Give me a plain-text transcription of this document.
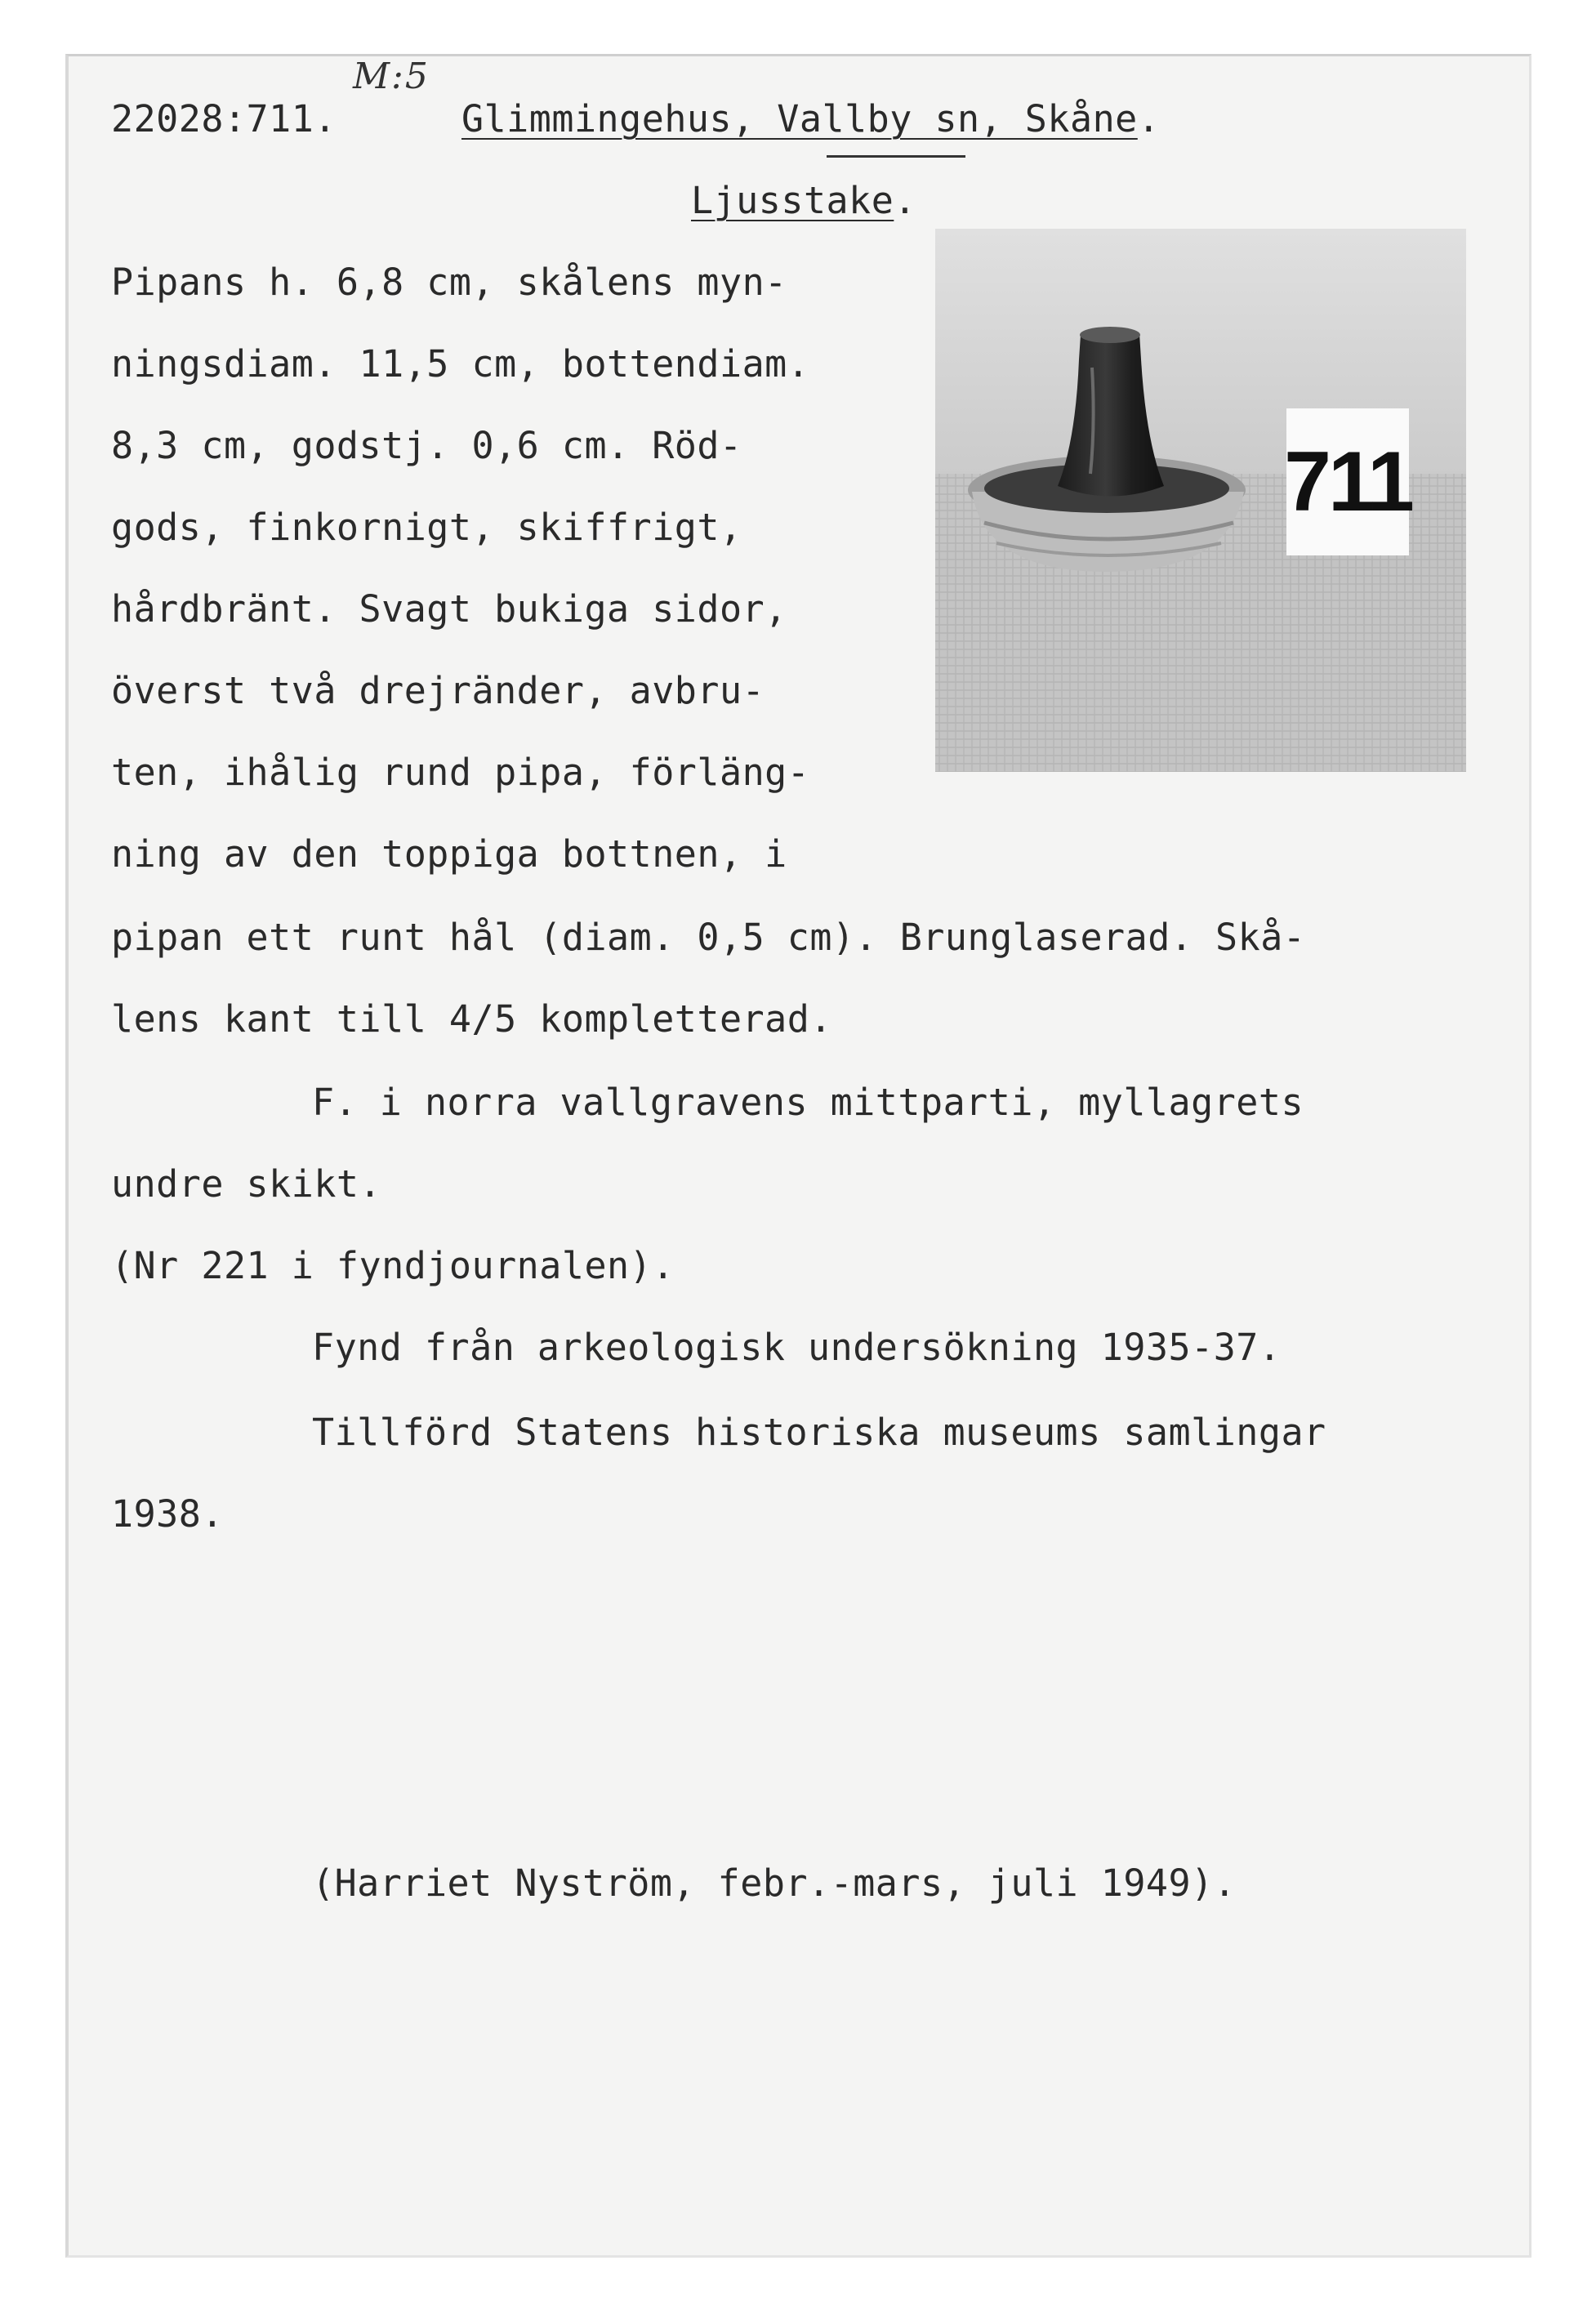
M:5
22028:711.	Glimmingehus, Vallby sn, Skåne.
Ljusstake.
Pipans h. 6,8 cm, skålens myn-
ningsdiam. 11,5 cm, bottendiam.
8,3 cm, godstj. 0,6 cm. Röd-
gods, finkornigt, skiffrigt,
hårdbränt. Svagt bukiga sidor,
överst två drejränder, avbru-
ten, ihålig rund pipa, förläng-
ning av den toppiga bottnen, i
pipan ett runt hål (diam. 0,5 cm). Brunglaserad. Skå-
lens kant till 4/5 kompletterad.
F. i norra vallgravens mittparti, myllagrets
undre skikt.
(Nr 221 i fyndjournalen).
Fynd från arkeologisk undersökning 1935-37.
Tillförd Statens historiska museums samlingar
1938.
(Harriet Nyström, febr.-mars, juli 1949).
711
